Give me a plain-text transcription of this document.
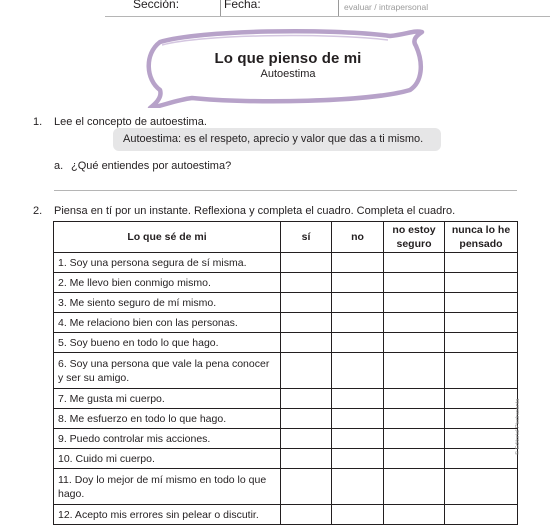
Sección:	Fecha:	evaluar / intrapersonal
Lo que pienso de mi
Autoestima
1. Lee el concepto de autoestima.
Autoestima: es el respeto, aprecio y valor que das a ti mismo.
a. ¿Qué entiendes por autoestima?
2. Piensa en tí por un instante. Reflexiona y completa el cuadro. Completa el cuadro.
Lo que sé de mi	sí	no	no estoy seguro	nunca lo he pensado
1. Soy una persona segura de sí misma.				
2. Me llevo bien conmigo mismo.				
3. Me siento seguro de mí mismo.				
4. Me relaciono bien con las personas.				
5. Soy bueno en todo lo que hago.				
6. Soy una persona que vale la pena conocer y ser su amigo.				
7. Me gusta mi cuerpo.				
8. Me esfuerzo en todo lo que hago.				
9. Puedo controlar mis acciones.				
10. Cuido mi cuerpo.				
11. Doy lo mejor de mí mismo en todo lo que hago.				
12. Acepto mis errores sin pelear o discutir.				
© Editorial Piedrasanta
